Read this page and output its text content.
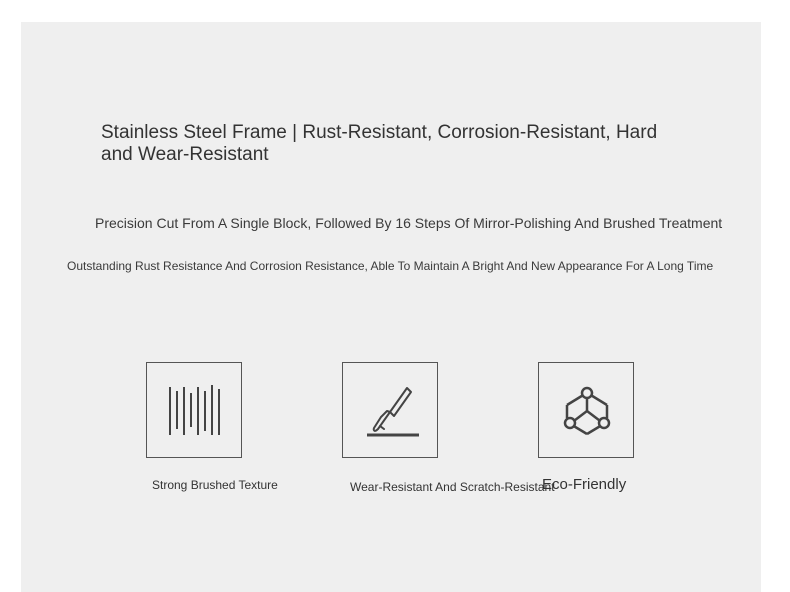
Stainless Steel Frame | Rust-Resistant, Corrosion-Resistant, Hard and Wear-Resistant
Precision Cut From A Single Block, Followed By 16 Steps Of Mirror-Polishing And Brushed Treatment
Outstanding Rust Resistance And Corrosion Resistance, Able To Maintain A Bright And New Appearance For A Long Time
Strong Brushed Texture	Wear-Resistant And Scratch-Resistant
Eco-Friendly
